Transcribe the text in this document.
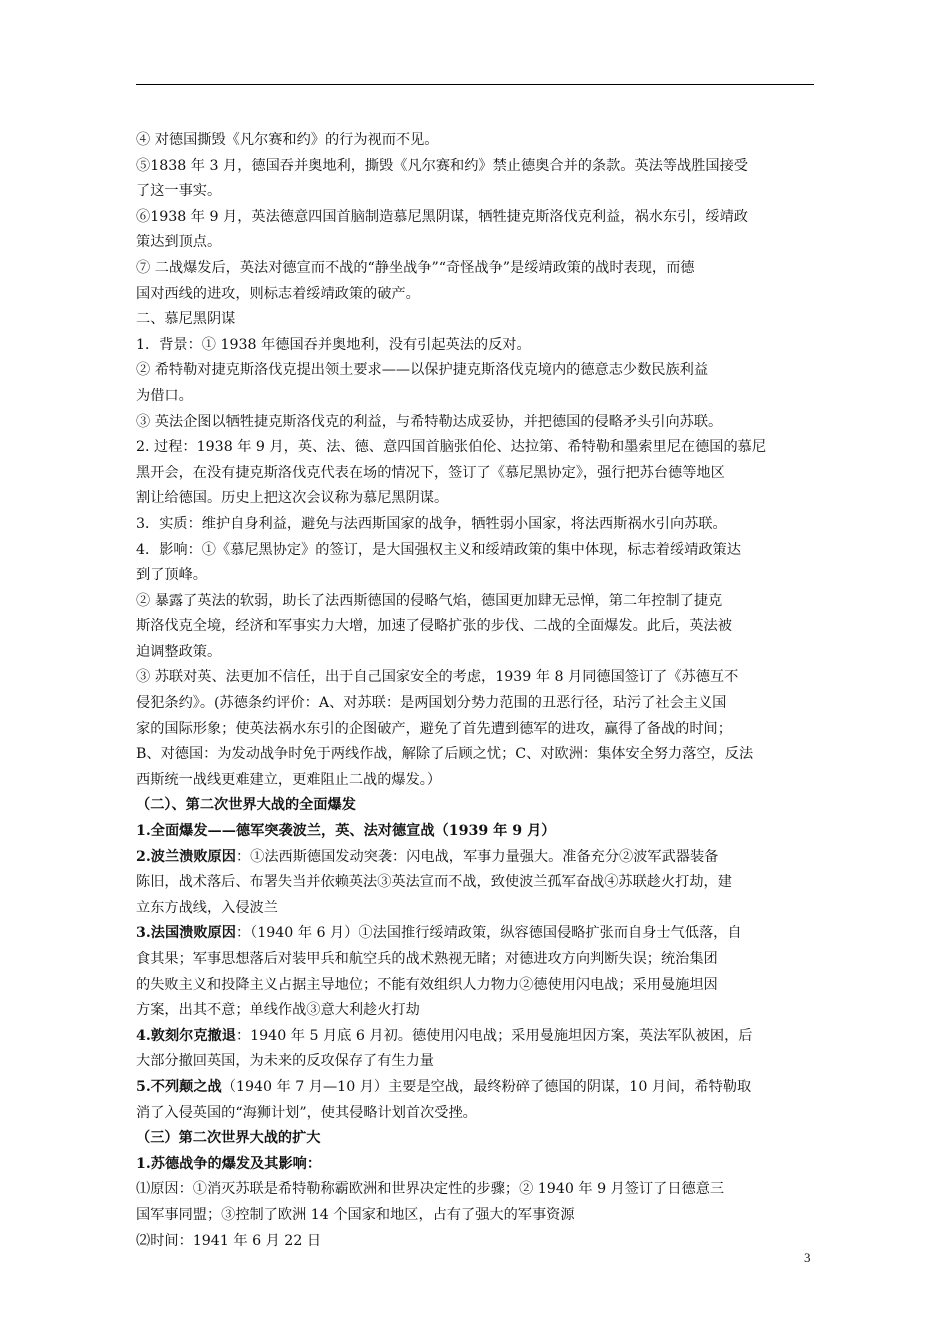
④ 对德国撕毁《凡尔赛和约》的行为视而不见。
⑤1838 年 3 月，德国吞并奥地利，撕毁《凡尔赛和约》禁止德奥合并的条款。英法等战胜国接受
了这一事实。
⑥1938 年 9 月，英法德意四国首脑制造慕尼黑阴谋，牺牲捷克斯洛伐克利益，祸水东引，绥靖政
策达到顶点。
⑦ 二战爆发后，英法对德宣而不战的“静坐战争”“奇怪战争”是绥靖政策的战时表现，而德
国对西线的进攻，则标志着绥靖政策的破产。
二、慕尼黑阴谋
1．背景：① 1938 年德国吞并奥地利，没有引起英法的反对。
② 希特勒对捷克斯洛伐克提出领土要求——以保护捷克斯洛伐克境内的德意志少数民族利益
为借口。
③ 英法企图以牺牲捷克斯洛伐克的利益，与希特勒达成妥协，并把德国的侵略矛头引向苏联。
2. 过程：1938 年 9 月，英、法、德、意四国首脑张伯伦、达拉第、希特勒和墨索里尼在德国的慕尼
黑开会，在没有捷克斯洛伐克代表在场的情况下，签订了《慕尼黑协定》，强行把苏台德等地区
割让给德国。历史上把这次会议称为慕尼黑阴谋。
3．实质：维护自身利益，避免与法西斯国家的战争，牺牲弱小国家，将法西斯祸水引向苏联。
4．影响：①《慕尼黑协定》的签订，是大国强权主义和绥靖政策的集中体现，标志着绥靖政策达
到了顶峰。
② 暴露了英法的软弱，助长了法西斯德国的侵略气焰，德国更加肆无忌惮，第二年控制了捷克
斯洛伐克全境，经济和军事实力大增，加速了侵略扩张的步伐、二战的全面爆发。此后，英法被
迫调整政策。
③ 苏联对英、法更加不信任，出于自己国家安全的考虑，1939 年 8 月同德国签订了《苏德互不
侵犯条约》。(苏德条约评价：A、对苏联：是两国划分势力范围的丑恶行径，玷污了社会主义国
家的国际形象；使英法祸水东引的企图破产，避免了首先遭到德军的进攻，赢得了备战的时间；
B、对德国：为发动战争时免于两线作战，解除了后顾之忧；C、对欧洲：集体安全努力落空，反法
西斯统一战线更难建立，更难阻止二战的爆发。）
（二）、第二次世界大战的全面爆发
1.全面爆发——德军突袭波兰，英、法对德宣战（1939 年 9 月）
2.波兰溃败原因：①法西斯德国发动突袭：闪电战，军事力量强大。准备充分②波军武器装备
陈旧，战术落后、布署失当并依赖英法③英法宣而不战，致使波兰孤军奋战④苏联趁火打劫，建
立东方战线，入侵波兰
3.法国溃败原因：（1940 年 6 月）①法国推行绥靖政策，纵容德国侵略扩张而自身士气低落，自
食其果；军事思想落后对装甲兵和航空兵的战术熟视无睹；对德进攻方向判断失误；统治集团
的失败主义和投降主义占据主导地位；不能有效组织人力物力②德使用闪电战；采用曼施坦因
方案，出其不意；单线作战③意大利趁火打劫
4.敦刻尔克撤退：1940 年 5 月底 6 月初。德使用闪电战；采用曼施坦因方案，英法军队被困，后
大部分撤回英国，为未来的反攻保存了有生力量
5.不列颠之战（1940 年 7 月—10 月）主要是空战，最终粉碎了德国的阴谋，10 月间，希特勒取
消了入侵英国的“海狮计划”，使其侵略计划首次受挫。
（三）第二次世界大战的扩大
1.苏德战争的爆发及其影响：
⑴原因：①消灭苏联是希特勒称霸欧洲和世界决定性的步骤；② 1940 年 9 月签订了日德意三
国军事同盟；③控制了欧洲 14 个国家和地区，占有了强大的军事资源
⑵时间：1941 年 6 月 22 日
3
